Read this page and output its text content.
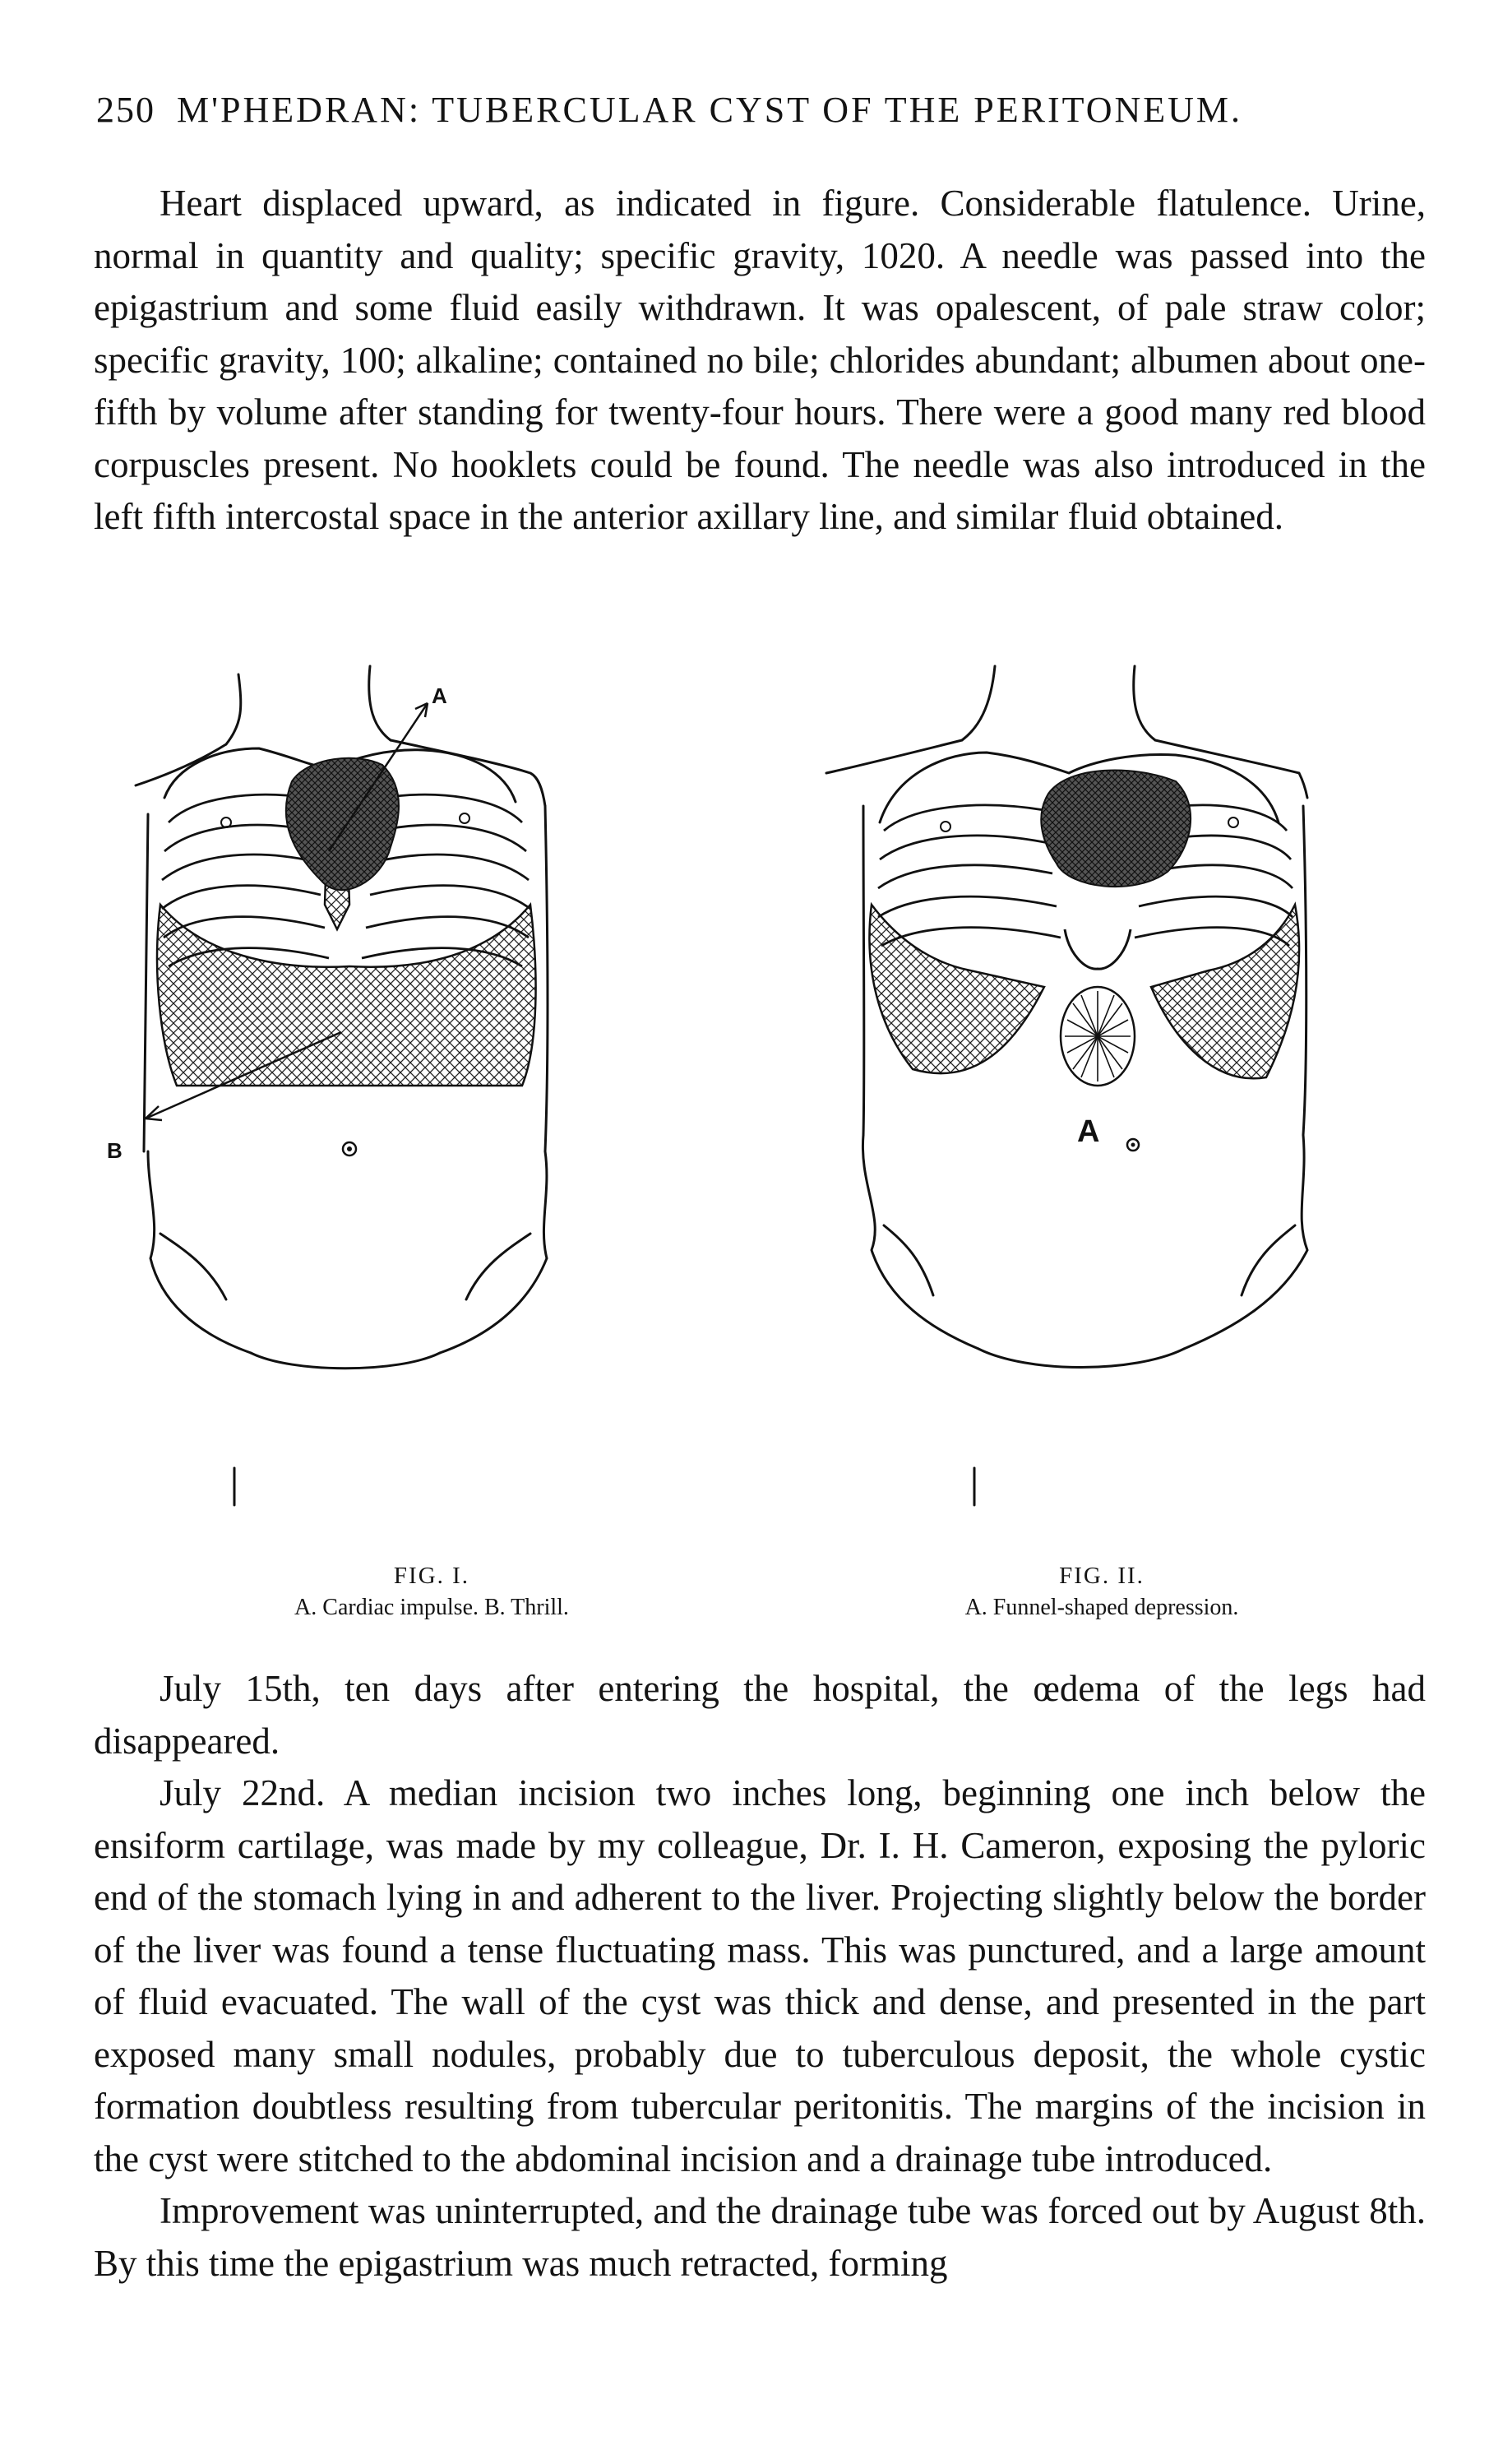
250 M'PHEDRAN: TUBERCULAR CYST OF THE PERITONEUM.

Heart displaced upward, as indicated in figure. Considerable flatulence. Urine, normal in quantity and quality; specific gravity, 1020. A needle was passed into the epigastrium and some fluid easily withdrawn. It was opalescent, of pale straw color; specific gravity, 100; alkaline; contained no bile; chlorides abundant; albumen about one-fifth by volume after standing for twenty-four hours. There were a good many red blood corpuscles present. No hooklets could be found. The needle was also introduced in the left fifth intercostal space in the anterior axillary line, and similar fluid obtained.

A
B
A
FIG. I.
A. Cardiac impulse. B. Thrill.
FIG. II.
A. Funnel-shaped depression.

July 15th, ten days after entering the hospital, the œdema of the legs had disappeared.

July 22nd. A median incision two inches long, beginning one inch below the ensiform cartilage, was made by my colleague, Dr. I. H. Cameron, exposing the pyloric end of the stomach lying in and adherent to the liver. Projecting slightly below the border of the liver was found a tense fluctuating mass. This was punctured, and a large amount of fluid evacuated. The wall of the cyst was thick and dense, and presented in the part exposed many small nodules, probably due to tuberculous deposit, the whole cystic formation doubtless resulting from tubercular peritonitis. The margins of the incision in the cyst were stitched to the abdominal incision and a drainage tube introduced.

Improvement was uninterrupted, and the drainage tube was forced out by August 8th. By this time the epigastrium was much retracted, forming
